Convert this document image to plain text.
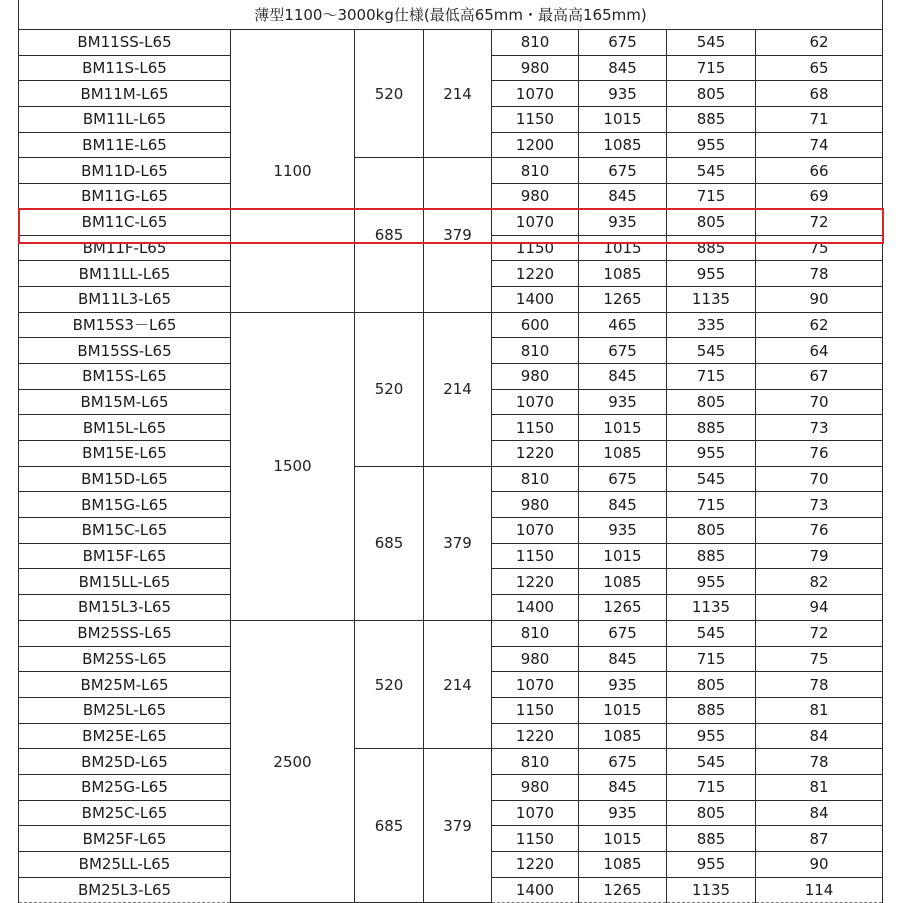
薄型1100～3000kg仕様(最低高65mm・最高高165mm)							
BM11SS-L65	1100	520	214	810	675	545	62
BM11S-L65				980	845	715	65
BM11M-L65				1070	935	805	68
BM11L-L65				1150	1015	885	71
BM11E-L65				1200	1085	955	74
BM11D-L65		685	379	810	675	545	66
BM11G-L65				980	845	715	69
BM11C-L65				1070	935	805	72
BM11F-L65				1150	1015	885	75
BM11LL-L65				1220	1085	955	78
BM11L3-L65				1400	1265	1135	90
BM15S3－L65	1500	520	214	600	465	335	62
BM15SS-L65				810	675	545	64
BM15S-L65				980	845	715	67
BM15M-L65				1070	935	805	70
BM15L-L65				1150	1015	885	73
BM15E-L65				1220	1085	955	76
BM15D-L65		685	379	810	675	545	70
BM15G-L65				980	845	715	73
BM15C-L65				1070	935	805	76
BM15F-L65				1150	1015	885	79
BM15LL-L65				1220	1085	955	82
BM15L3-L65				1400	1265	1135	94
BM25SS-L65	2500	520	214	810	675	545	72
BM25S-L65				980	845	715	75
BM25M-L65				1070	935	805	78
BM25L-L65				1150	1015	885	81
BM25E-L65				1220	1085	955	84
BM25D-L65		685	379	810	675	545	78
BM25G-L65				980	845	715	81
BM25C-L65				1070	935	805	84
BM25F-L65				1150	1015	885	87
BM25LL-L65				1220	1085	955	90
BM25L3-L65				1400	1265	1135	114
